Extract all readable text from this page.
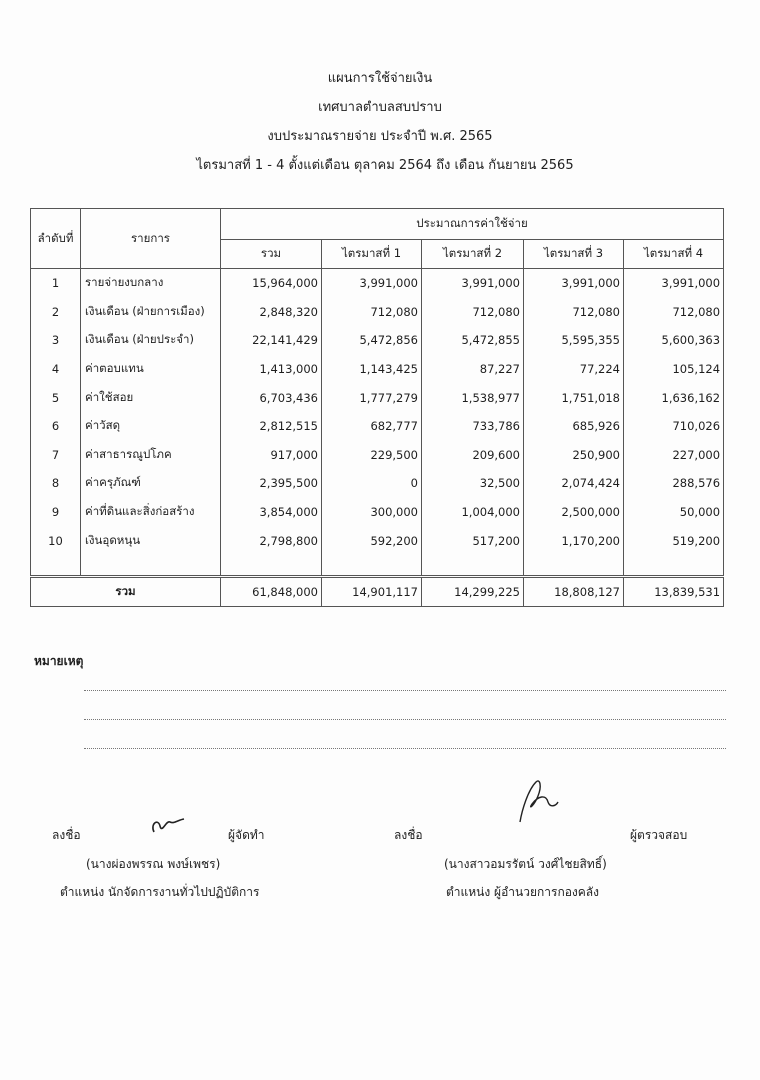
แผนการใช้จ่ายเงิน
เทศบาลตำบลสบปราบ
งบประมาณรายจ่าย ประจำปี พ.ศ. 2565
ไตรมาสที่ 1 - 4 ตั้งแต่เดือน ตุลาคม 2564 ถึง เดือน กันยายน 2565
ลำดับที่	รายการ	ประมาณการค่าใช้จ่าย				
		รวม	ไตรมาสที่ 1	ไตรมาสที่ 2	ไตรมาสที่ 3	ไตรมาสที่ 4
1	รายจ่ายงบกลาง	15,964,000	3,991,000	3,991,000	3,991,000	3,991,000
2	เงินเดือน (ฝ่ายการเมือง)	2,848,320	712,080	712,080	712,080	712,080
3	เงินเดือน (ฝ่ายประจำ)	22,141,429	5,472,856	5,472,855	5,595,355	5,600,363
4	ค่าตอบแทน	1,413,000	1,143,425	87,227	77,224	105,124
5	ค่าใช้สอย	6,703,436	1,777,279	1,538,977	1,751,018	1,636,162
6	ค่าวัสดุ	2,812,515	682,777	733,786	685,926	710,026
7	ค่าสาธารณูปโภค	917,000	229,500	209,600	250,900	227,000
8	ค่าครุภัณฑ์	2,395,500	0	32,500	2,074,424	288,576
9	ค่าที่ดินและสิ่งก่อสร้าง	3,854,000	300,000	1,004,000	2,500,000	50,000
10	เงินอุดหนุน	2,798,800	592,200	517,200	1,170,200	519,200

รวม		61,848,000	14,901,117	14,299,225	18,808,127	13,839,531
หมายเหตุ
ลงชื่อ	ผู้จัดทำ
(นางผ่องพรรณ พงษ์เพชร)
ตำแหน่ง นักจัดการงานทั่วไปปฏิบัติการ
ลงชื่อ	ผู้ตรวจสอบ
(นางสาวอมรรัตน์ วงศ์ไชยสิทธิ์)
ตำแหน่ง ผู้อำนวยการกองคลัง
